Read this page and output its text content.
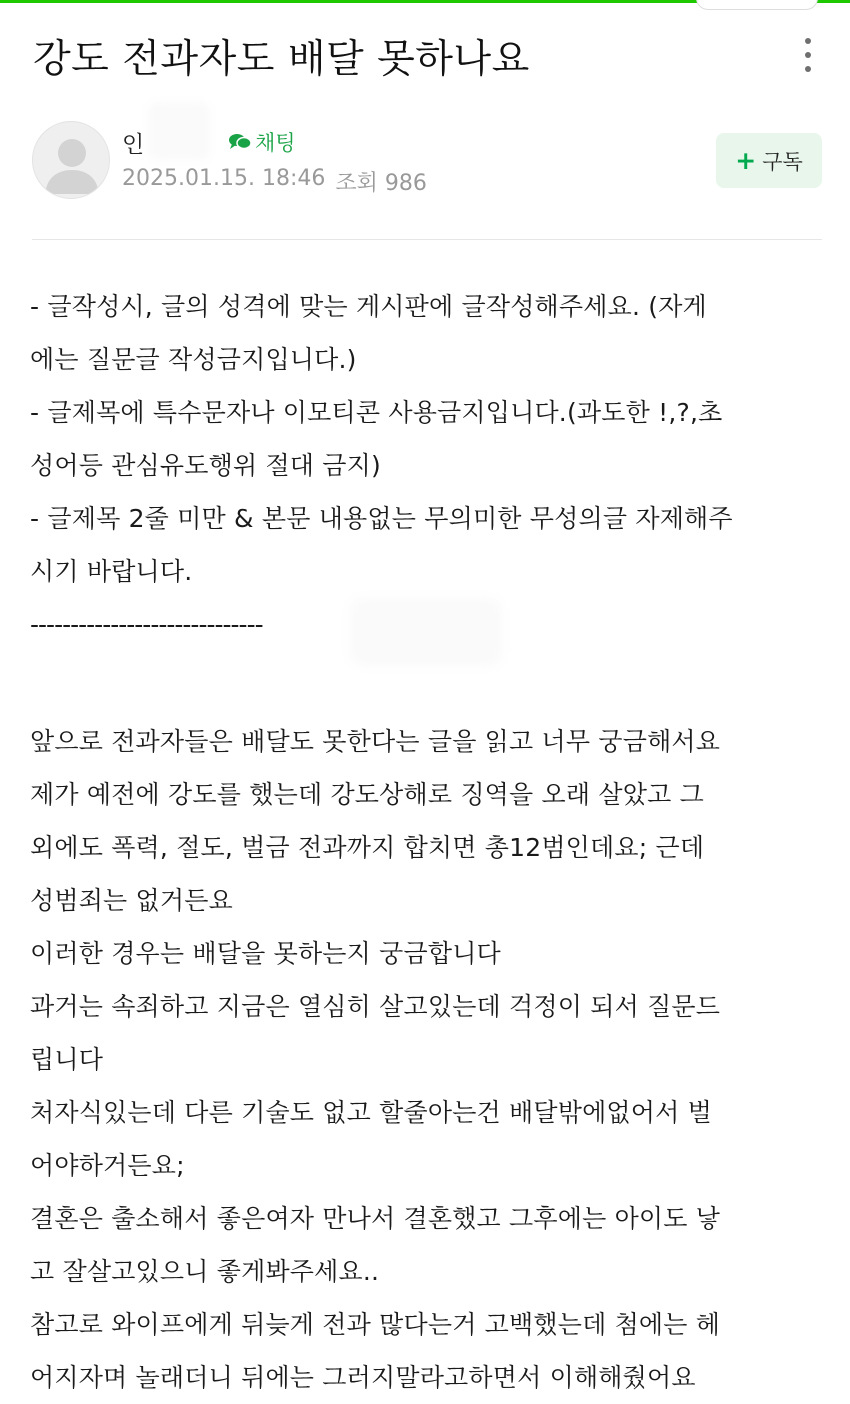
강도 전과자도 배달 못하나요
인	채팅
2025.01.15. 18:46 조회 986
+ 구독
- 글작성시, 글의 성격에 맞는 게시판에 글작성해주세요. (자게
에는 질문글 작성금지입니다.)
- 글제목에 특수문자나 이모티콘 사용금지입니다.(과도한 !,?,초
성어등 관심유도행위 절대 금지)
- 글제목 2줄 미만 & 본문 내용없는 무의미한 무성의글 자제해주
시기 바랍니다.
-----------------------------
앞으로 전과자들은 배달도 못한다는 글을 읽고 너무 궁금해서요
제가 예전에 강도를 했는데 강도상해로 징역을 오래 살았고 그
외에도 폭력, 절도, 벌금 전과까지 합치면 총12범인데요; 근데
성범죄는 없거든요
이러한 경우는 배달을 못하는지 궁금합니다
과거는 속죄하고 지금은 열심히 살고있는데 걱정이 되서 질문드
립니다
처자식있는데 다른 기술도 없고 할줄아는건 배달밖에없어서 벌
어야하거든요;
결혼은 출소해서 좋은여자 만나서 결혼했고 그후에는 아이도 낳
고 잘살고있으니 좋게봐주세요..
참고로 와이프에게 뒤늦게 전과 많다는거 고백했는데 첨에는 헤
어지자며 놀래더니 뒤에는 그러지말라고하면서 이해해줬어요
